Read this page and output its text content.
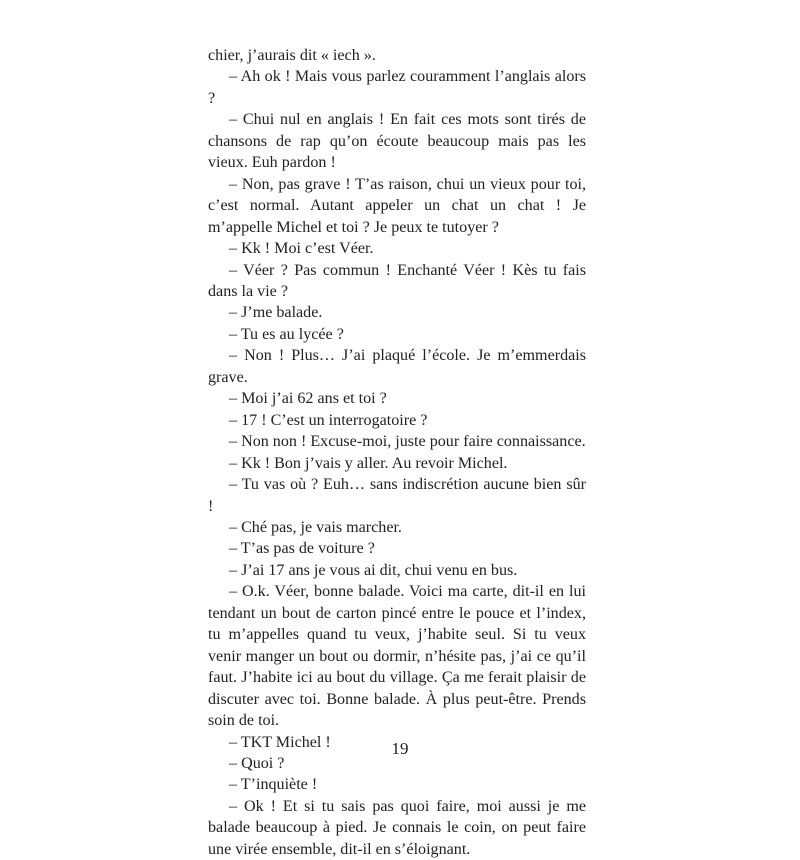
chier, j’aurais dit « iech ».

– Ah ok ! Mais vous parlez couramment l’anglais alors ?

– Chui nul en anglais ! En fait ces mots sont tirés de chansons de rap qu’on écoute beaucoup mais pas les vieux. Euh pardon !

– Non, pas grave ! T’as raison, chui un vieux pour toi, c’est normal. Autant appeler un chat un chat ! Je m’appelle Michel et toi ? Je peux te tutoyer ?

– Kk ! Moi c’est Véer.

– Véer ? Pas commun ! Enchanté Véer ! Kès tu fais dans la vie ?

– J’me balade.

– Tu es au lycée ?

– Non ! Plus… J’ai plaqué l’école. Je m’emmerdais grave.

– Moi j’ai 62 ans et toi ?

– 17 ! C’est un interrogatoire ?

– Non non ! Excuse-moi, juste pour faire connaissance.

– Kk ! Bon j’vais y aller. Au revoir Michel.

– Tu vas où ? Euh… sans indiscrétion aucune bien sûr !

– Ché pas, je vais marcher.

– T’as pas de voiture ?

– J’ai 17 ans je vous ai dit, chui venu en bus.

– O.k. Véer, bonne balade. Voici ma carte, dit-il en lui tendant un bout de carton pincé entre le pouce et l’index, tu m’appelles quand tu veux, j’habite seul. Si tu veux venir manger un bout ou dormir, n’hésite pas, j’ai ce qu’il faut. J’habite ici au bout du village. Ça me ferait plaisir de discuter avec toi. Bonne balade. À plus peut-être. Prends soin de toi.

– TKT Michel !

– Quoi ?

– T’inquiète !

– Ok ! Et si tu sais pas quoi faire, moi aussi je me balade beaucoup à pied. Je connais le coin, on peut faire une virée ensemble, dit-il en s’éloignant.

19
